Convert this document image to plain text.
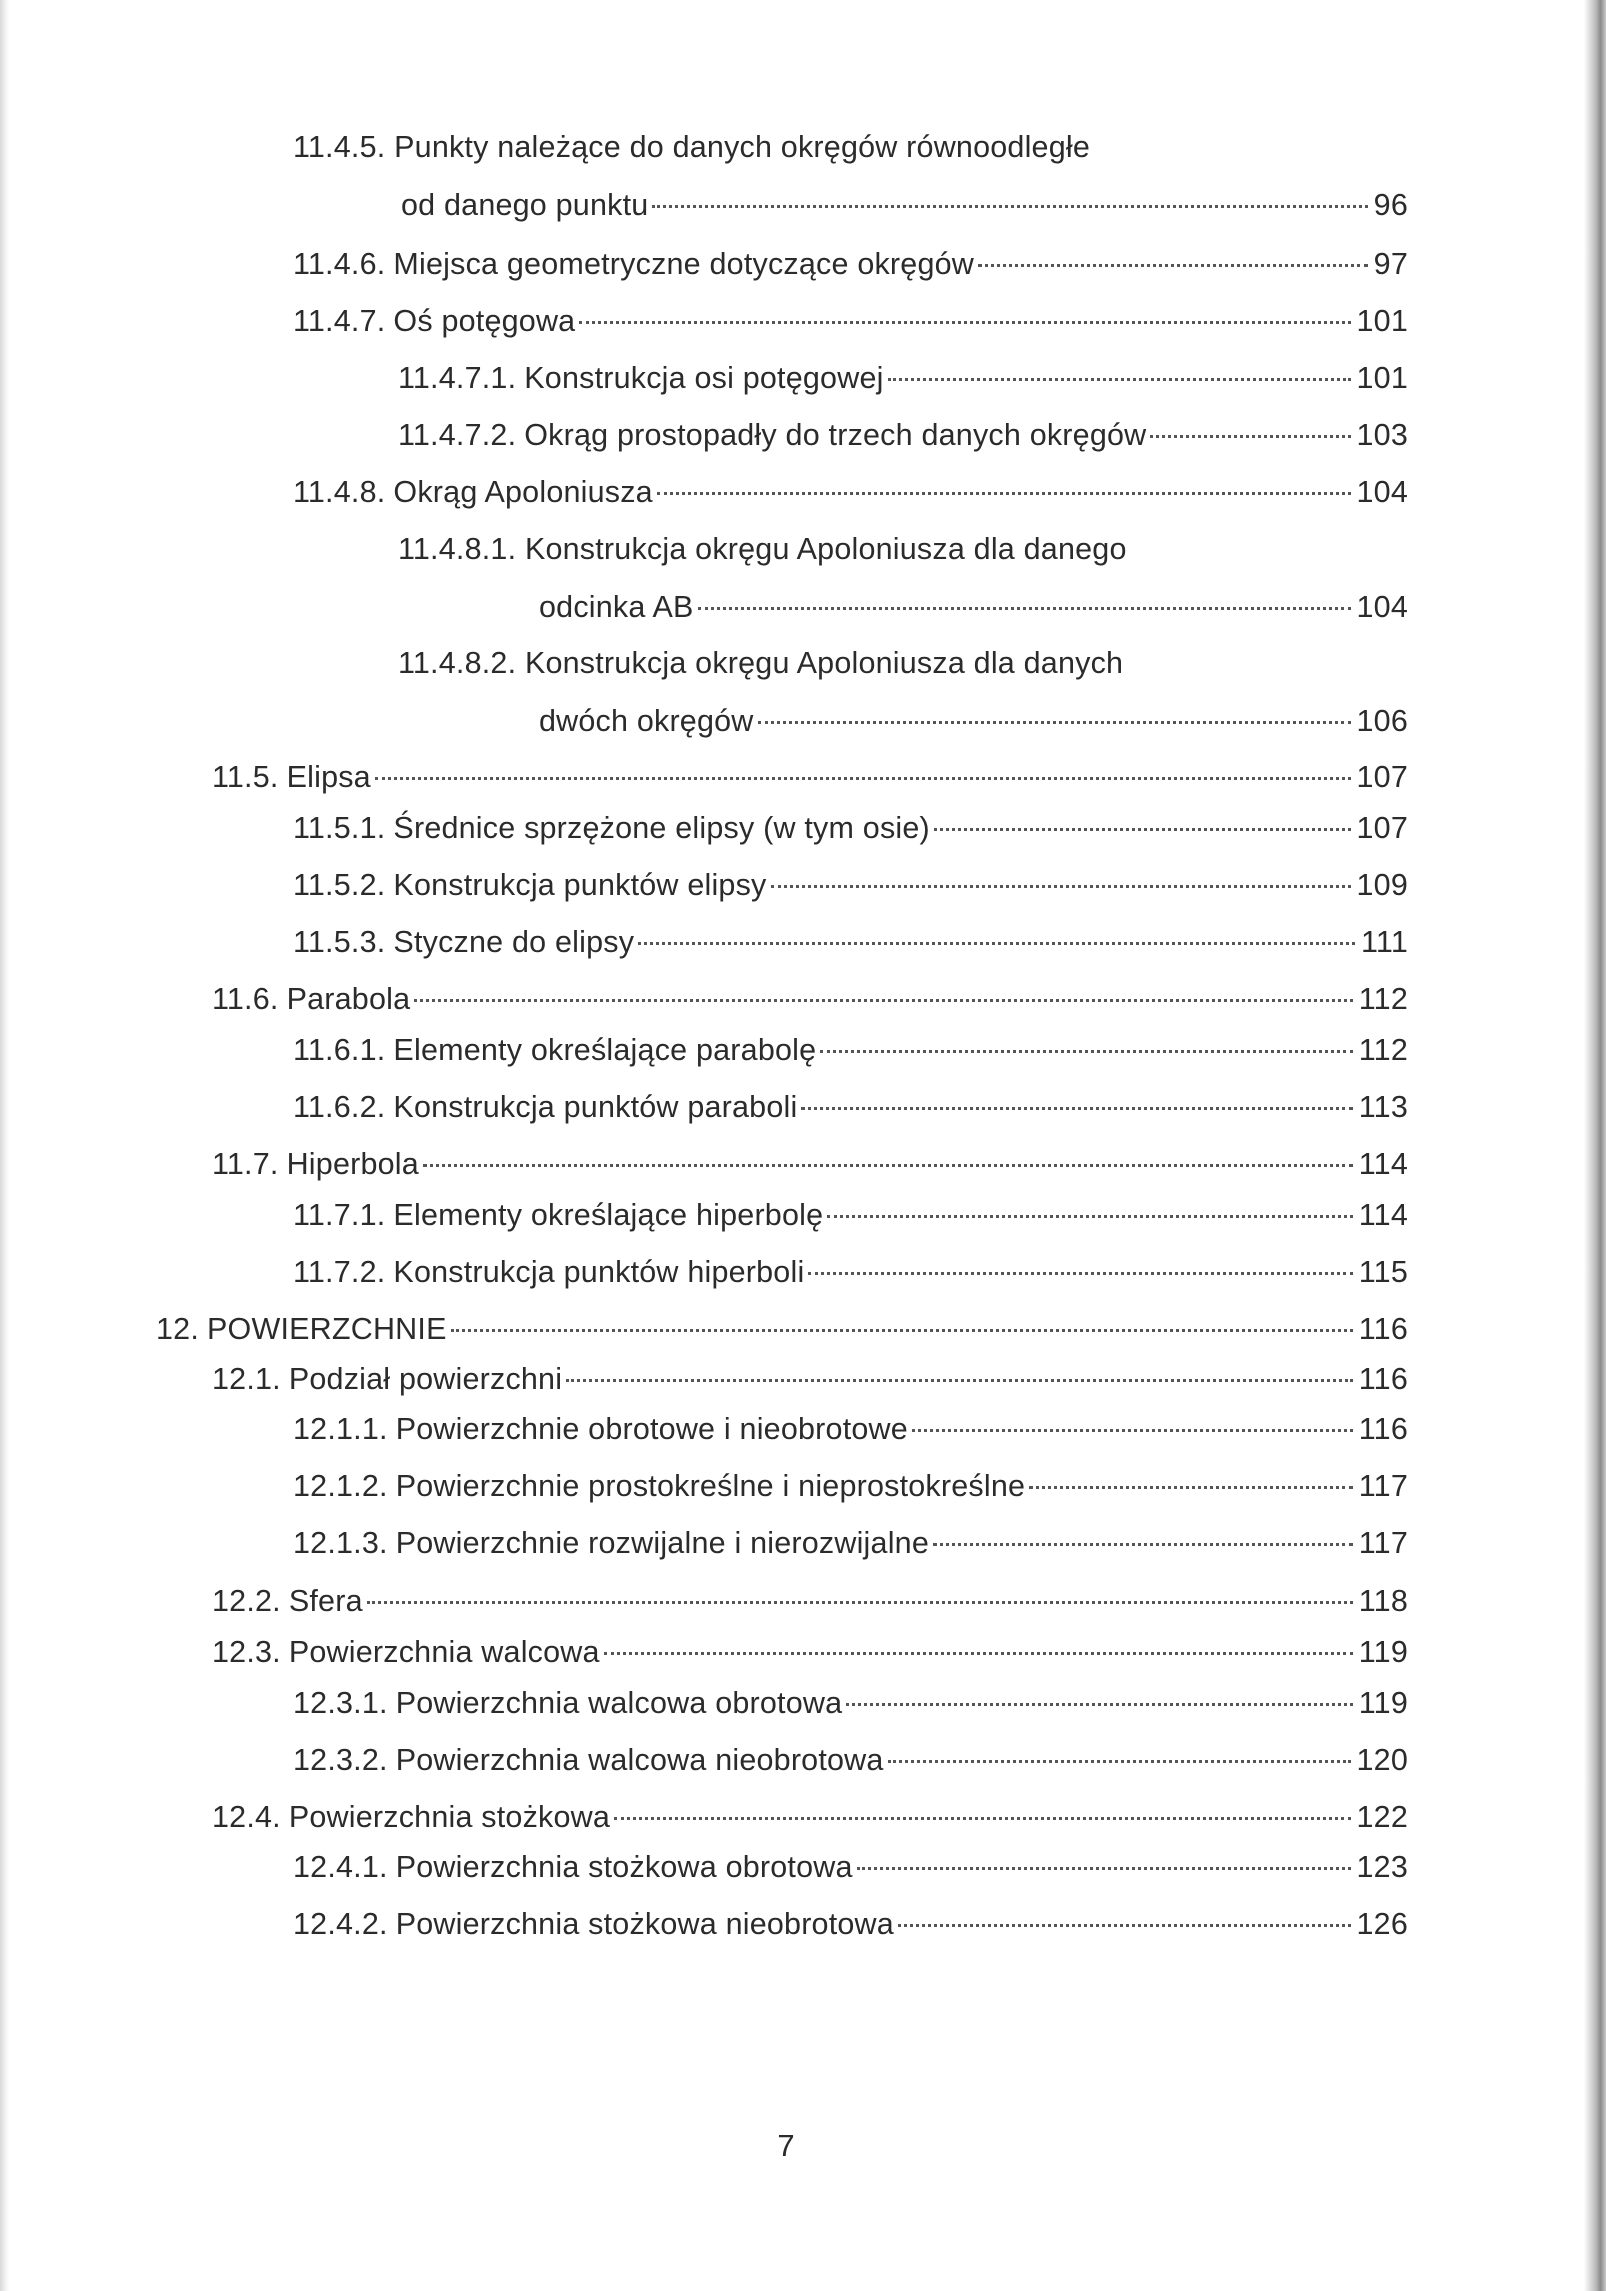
11.4.5. Punkty należące do danych okręgów równoodległe
od danego punktu	96
11.4.6. Miejsca geometryczne dotyczące okręgów	97
11.4.7. Oś potęgowa	101
11.4.7.1. Konstrukcja osi potęgowej	101
11.4.7.2. Okrąg prostopadły do trzech danych okręgów	103
11.4.8. Okrąg Apoloniusza	104
11.4.8.1. Konstrukcja okręgu Apoloniusza dla danego
odcinka AB	104
11.4.8.2. Konstrukcja okręgu Apoloniusza dla danych
dwóch okręgów	106
11.5. Elipsa	107
11.5.1. Średnice sprzężone elipsy (w tym osie)	107
11.5.2. Konstrukcja punktów elipsy	109
11.5.3. Styczne do elipsy	111
11.6. Parabola	112
11.6.1. Elementy określające parabolę	112
11.6.2. Konstrukcja punktów paraboli	113
11.7. Hiperbola	114
11.7.1. Elementy określające hiperbolę	114
11.7.2. Konstrukcja punktów hiperboli	115
12. POWIERZCHNIE	116
12.1. Podział powierzchni	116
12.1.1. Powierzchnie obrotowe i nieobrotowe	116
12.1.2. Powierzchnie prostokreślne i nieprostokreślne	117
12.1.3. Powierzchnie rozwijalne i nierozwijalne	117
12.2. Sfera	118
12.3. Powierzchnia walcowa	119
12.3.1. Powierzchnia walcowa obrotowa	119
12.3.2. Powierzchnia walcowa nieobrotowa	120
12.4. Powierzchnia stożkowa	122
12.4.1. Powierzchnia stożkowa obrotowa	123
12.4.2. Powierzchnia stożkowa nieobrotowa	126
7
